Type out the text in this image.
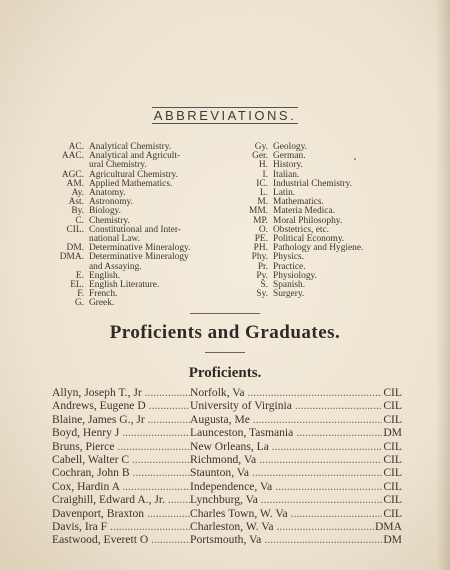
ABBREVIATIONS.
AC. Analytical Chemistry.
AAC. Analytical and Agricult-
ural Chemistry.
AGC. Agricultural Chemistry.
AM. Applied Mathematics.
Ay. Anatomy.
Ast. Astronomy.
By. Biology.
C. Chemistry.
CIL. Constitutional and Inter-
national Law.
DM. Determinative Mineralogy.
DMA. Determinative Mineralogy
and Assaying.
E. English.
EL. English Literature.
F. French.
G. Greek.
Gy. Geology.
Ger. German.
H. History.
I. Italian.
IC. Industrial Chemistry.
L. Latin.
M. Mathematics.
MM. Materia Medica.
MP. Moral Philosophy.
O. Obstetrics, etc.
PE. Political Economy.
PH. Pathology and Hygiene.
Phy. Physics.
Pr. Practice.
Py. Physiology.
S. Spanish.
Sy. Surgery.
Proficients and Graduates.
Proficients.
Allyn, Joseph T., Jr .....	Norfolk, Va .....	CIL
Andrews, Eugene D .....	University of Virginia .....	CIL
Blaine, James G., Jr .....	Augusta, Me .....	CIL
Boyd, Henry J .....	Launceston, Tasmania .....	DM
Bruns, Pierce .....	New Orleans, La .....	CIL
Cabell, Walter C .....	Richmond, Va .....	CIL
Cochran, John B .....	Staunton, Va .....	CIL
Cox, Hardin A .....	Independence, Va .....	CIL
Craighill, Edward A., Jr. .....	Lynchburg, Va .....	CIL
Davenport, Braxton .....	Charles Town, W. Va .....	CIL
Davis, Ira F .....	Charleston, W. Va .....	DMA
Eastwood, Everett O .....	Portsmouth, Va .....	DM
